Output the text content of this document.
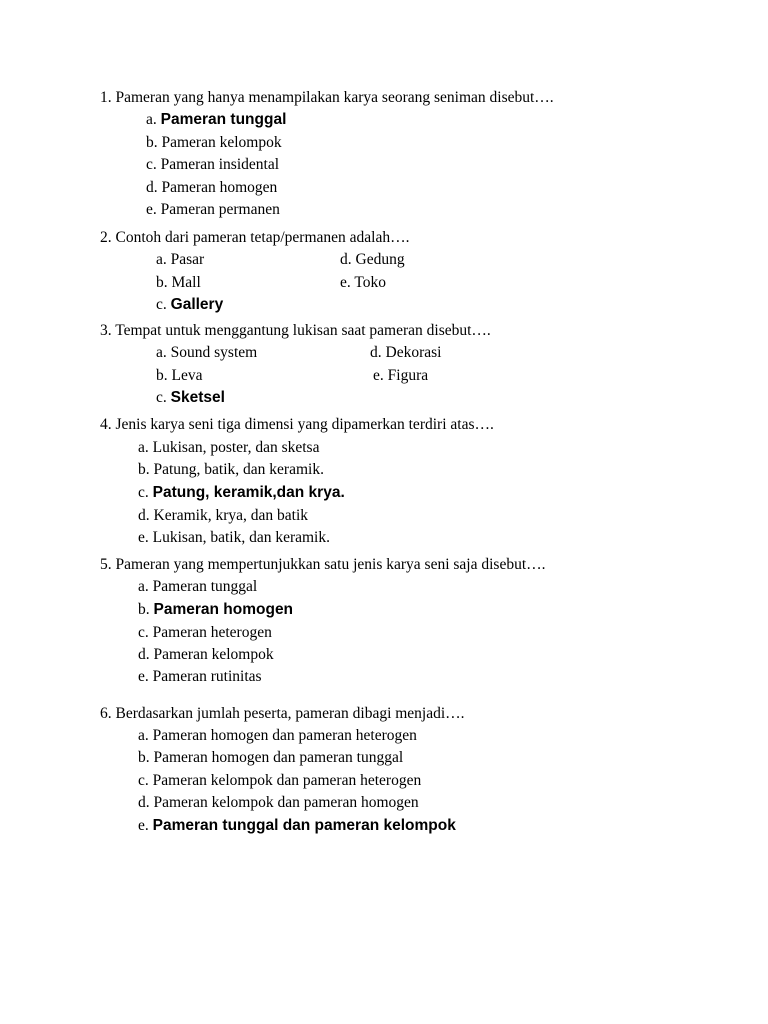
1. Pameran yang hanya menampilakan karya seorang seniman disebut….
a. Pameran tunggal
b. Pameran kelompok
c. Pameran insidental
d. Pameran homogen
e. Pameran permanen
2. Contoh dari pameran tetap/permanen adalah….
a. Pasar	d. Gedung
b. Mall	e. Toko
c. Gallery
3. Tempat untuk menggantung lukisan saat pameran disebut….
a. Sound system	d. Dekorasi
b. Leva	e. Figura
c. Sketsel
4. Jenis karya seni tiga dimensi yang dipamerkan terdiri atas….
a. Lukisan, poster, dan sketsa
b. Patung, batik, dan keramik.
c. Patung, keramik,dan krya.
d. Keramik, krya, dan batik
e. Lukisan, batik, dan keramik.
5. Pameran yang mempertunjukkan satu jenis karya seni saja disebut….
a. Pameran tunggal
b. Pameran homogen
c. Pameran heterogen
d. Pameran kelompok
e. Pameran rutinitas
6. Berdasarkan jumlah peserta, pameran dibagi menjadi….
a. Pameran homogen dan pameran heterogen
b. Pameran homogen dan pameran tunggal
c. Pameran kelompok dan pameran heterogen
d. Pameran kelompok dan pameran homogen
e. Pameran tunggal dan pameran kelompok
